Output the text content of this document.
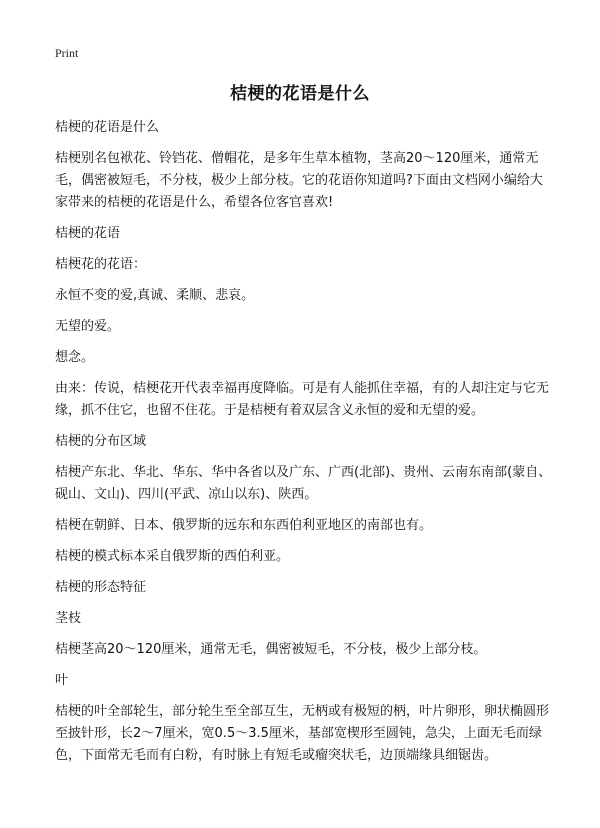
Print
桔梗的花语是什么

桔梗的花语是什么

桔梗别名包袱花、铃铛花、僧帽花，是多年生草本植物，茎高20～120厘米，通常无毛，偶密被短毛，不分枝，极少上部分枝。它的花语你知道吗?下面由文档网小编给大家带来的桔梗的花语是什么，希望各位客官喜欢!

桔梗的花语

桔梗花的花语：

永恒不变的爱,真诚、柔顺、悲哀。

无望的爱。

想念。

由来：传说，桔梗花开代表幸福再度降临。可是有人能抓住幸福，有的人却注定与它无缘，抓不住它，也留不住花。于是桔梗有着双层含义永恒的爱和无望的爱。

桔梗的分布区域

桔梗产东北、华北、华东、华中各省以及广东、广西(北部)、贵州、云南东南部(蒙自、砚山、文山)、四川(平武、凉山以东)、陕西。

桔梗在朝鲜、日本、俄罗斯的远东和东西伯利亚地区的南部也有。

桔梗的模式标本采自俄罗斯的西伯利亚。

桔梗的形态特征

茎枝

桔梗茎高20～120厘米，通常无毛，偶密被短毛，不分枝，极少上部分枝。

叶

桔梗的叶全部轮生，部分轮生至全部互生，无柄或有极短的柄，叶片卵形，卵状椭圆形至披针形，长2～7厘米，宽0.5～3.5厘米，基部宽楔形至圆钝，急尖，上面无毛而绿色，下面常无毛而有白粉，有时脉上有短毛或瘤突状毛，边顶端缘具细锯齿。
